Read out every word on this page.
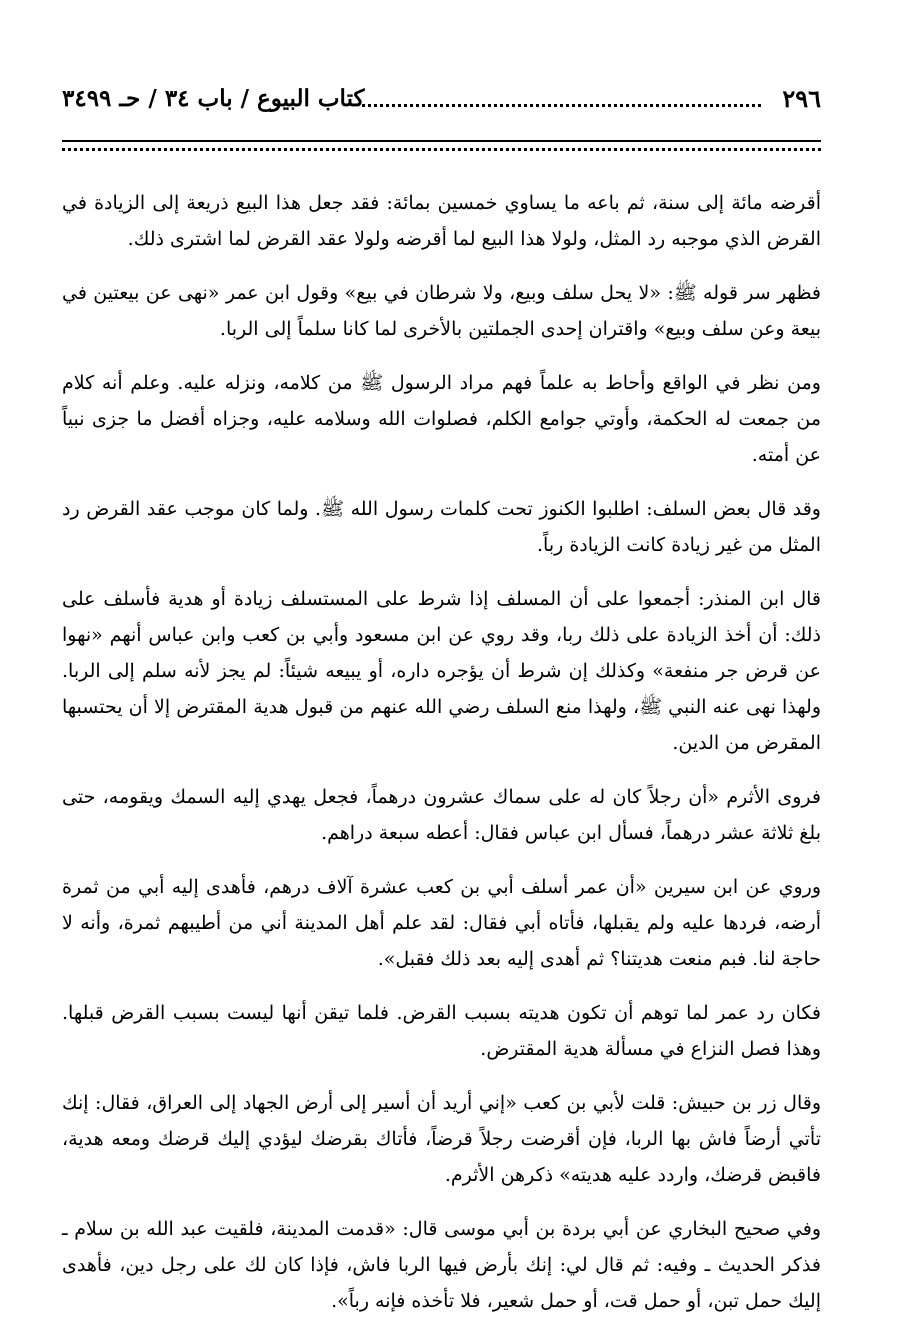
٢٩٦
كتاب البيوع / باب ٣٤ / حـ ٣٤٩٩

أقرضه مائة إلى سنة، ثم باعه ما يساوي خمسين بمائة: فقد جعل هذا البيع ذريعة إلى الزيادة في القرض الذي موجبه رد المثل، ولولا هذا البيع لما أقرضه ولولا عقد القرض لما اشترى ذلك.

فظهر سر قوله ﷺ: «لا يحل سلف وبيع، ولا شرطان في بيع» وقول ابن عمر «نهى عن بيعتين في بيعة وعن سلف وبيع» واقتران إحدى الجملتين بالأخرى لما كانا سلماً إلى الربا.

ومن نظر في الواقع وأحاط به علماً فهم مراد الرسول ﷺ من كلامه، ونزله عليه. وعلم أنه كلام من جمعت له الحكمة، وأوتي جوامع الكلم، فصلوات الله وسلامه عليه، وجزاه أفضل ما جزى نبياً عن أمته.

وقد قال بعض السلف: اطلبوا الكنوز تحت كلمات رسول الله ﷺ. ولما كان موجب عقد القرض رد المثل من غير زيادة كانت الزيادة رباً.

قال ابن المنذر: أجمعوا على أن المسلف إذا شرط على المستسلف زيادة أو هدية فأسلف على ذلك: أن أخذ الزيادة على ذلك ربا، وقد روي عن ابن مسعود وأبي بن كعب وابن عباس أنهم «نهوا عن قرض جر منفعة» وكذلك إن شرط أن يؤجره داره، أو يبيعه شيئاً: لم يجز لأنه سلم إلى الربا. ولهذا نهى عنه النبي ﷺ، ولهذا منع السلف رضي الله عنهم من قبول هدية المقترض إلا أن يحتسبها المقرض من الدين.

فروى الأثرم «أن رجلاً كان له على سماك عشرون درهماً، فجعل يهدي إليه السمك ويقومه، حتى بلغ ثلاثة عشر درهماً، فسأل ابن عباس فقال: أعطه سبعة دراهم.

وروي عن ابن سيرين «أن عمر أسلف أبي بن كعب عشرة آلاف درهم، فأهدى إليه أبي من ثمرة أرضه، فردها عليه ولم يقبلها، فأتاه أبي فقال: لقد علم أهل المدينة أني من أطيبهم ثمرة، وأنه لا حاجة لنا. فبم منعت هديتنا؟ ثم أهدى إليه بعد ذلك فقبل».

فكان رد عمر لما توهم أن تكون هديته بسبب القرض. فلما تيقن أنها ليست بسبب القرض قبلها. وهذا فصل النزاع في مسألة هدية المقترض.

وقال زر بن حبيش: قلت لأبي بن كعب «إني أريد أن أسير إلى أرض الجهاد إلى العراق، فقال: إنك تأتي أرضاً فاش بها الربا، فإن أقرضت رجلاً قرضاً، فأتاك بقرضك ليؤدي إليك قرضك ومعه هدية، فاقبض قرضك، واردد عليه هديته» ذكرهن الأثرم.

وفي صحيح البخاري عن أبي بردة بن أبي موسى قال: «قدمت المدينة، فلقيت عبد الله بن سلام ـ فذكر الحديث ـ وفيه: ثم قال لي: إنك بأرض فيها الربا فاش، فإذا كان لك على رجل دين، فأهدى إليك حمل تبن، أو حمل قت، أو حمل شعير، فلا تأخذه فإنه رباً».
